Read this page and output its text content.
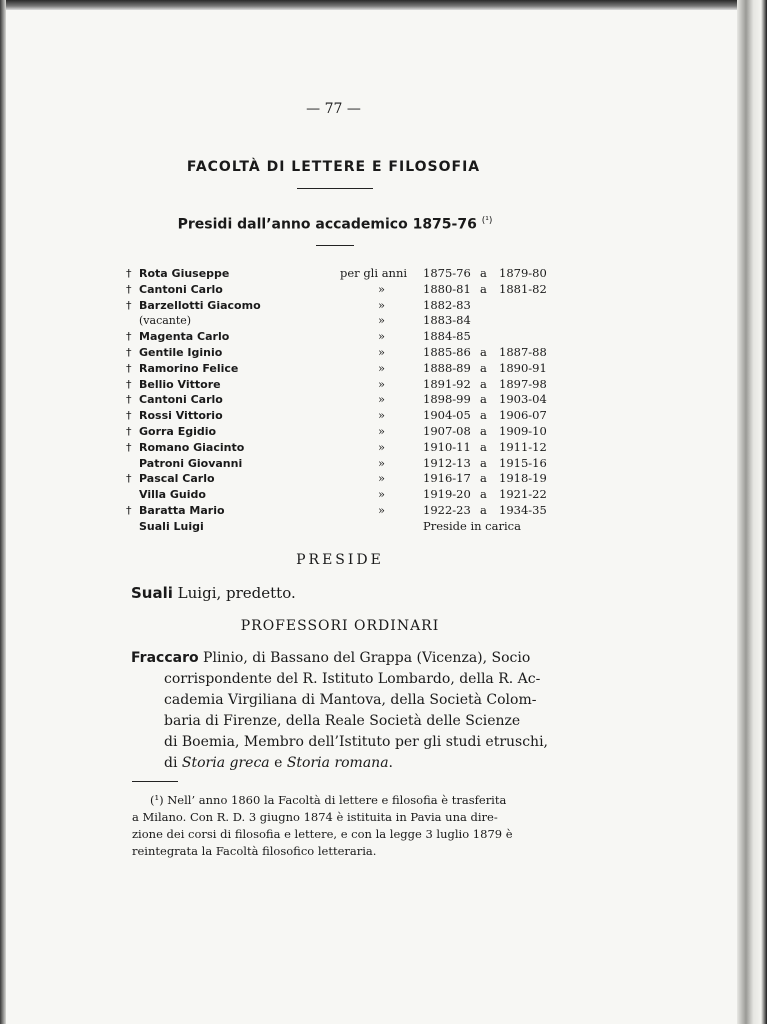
— 77 —
FACOLTÀ DI LETTERE E FILOSOFIA
Presidi dall’anno accademico 1875-76 $^{(^1)}$
† Rota Giuseppe	per gli anni 1875-76 a 1879-80
† Cantoni Carlo	»	1880-81 a 1881-82
† Barzellotti Giacomo	»	1882-83
(vacante)	»	1883-84
† Magenta Carlo	»	1884-85
† Gentile Iginio	»	1885-86 a 1887-88
† Ramorino Felice	»	1888-89 a 1890-91
† Bellio Vittore	»	1891-92 a 1897-98
† Cantoni Carlo	»	1898-99 a 1903-04
† Rossi Vittorio	»	1904-05 a 1906-07
† Gorra Egidio	»	1907-08 a 1909-10
† Romano Giacinto	»	1910-11 a 1911-12
Patroni Giovanni	»	1912-13 a 1915-16
† Pascal Carlo	»	1916-17 a 1918-19
Villa Guido	»	1919-20 a 1921-22
† Baratta Mario	»	1922-23 a 1934-35
Suali Luigi	Preside in carica
PRESIDE
Suali Luigi, predetto.
PROFESSORI ORDINARI
Fraccaro Plinio, di Bassano del Grappa (Vicenza), Socio
corrispondente del R. Istituto Lombardo, della R. Ac-
cademia Virgiliana di Mantova, della Società Colom-
baria di Firenze, della Reale Società delle Scienze
di Boemia, Membro dell’Istituto per gli studi etruschi,
di Storia greca e Storia romana.
(¹) Nell’ anno 1860 la Facoltà di lettere e filosofia è trasferita
a Milano. Con R. D. 3 giugno 1874 è istituita in Pavia una dire-
zione dei corsi di filosofia e lettere, e con la legge 3 luglio 1879 è
reintegrata la Facoltà filosofico letteraria.
